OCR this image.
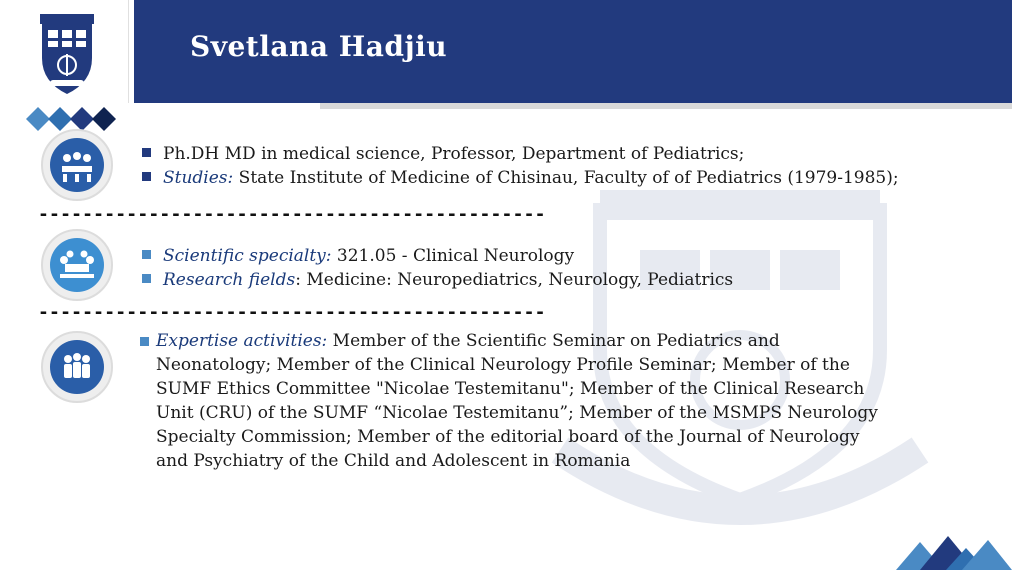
Svetlana Hadjiu
Ph.DH MD in medical science, Professor, Department of Pediatrics;
Studies: State Institute of Medicine of Chisinau, Faculty of of Pediatrics (1979-1985);
----------------------------------------------
Scientific specialty: 321.05 - Clinical Neurology
Research fields: Medicine: Neuropediatrics, Neurology, Pediatrics
----------------------------------------------
Expertise activities: Member of the Scientific Seminar on Pediatrics and Neonatology; Member of the Clinical Neurology Profile Seminar; Member of the SUMF Ethics Committee "Nicolae Testemitanu"; Member of the Clinical Research Unit (CRU) of the SUMF “Nicolae Testemitanu”; Member of the MSMPS Neurology Specialty Commission; Member of the editorial board of the Journal of Neurology and Psychiatry of the Child and Adolescent in Romania
